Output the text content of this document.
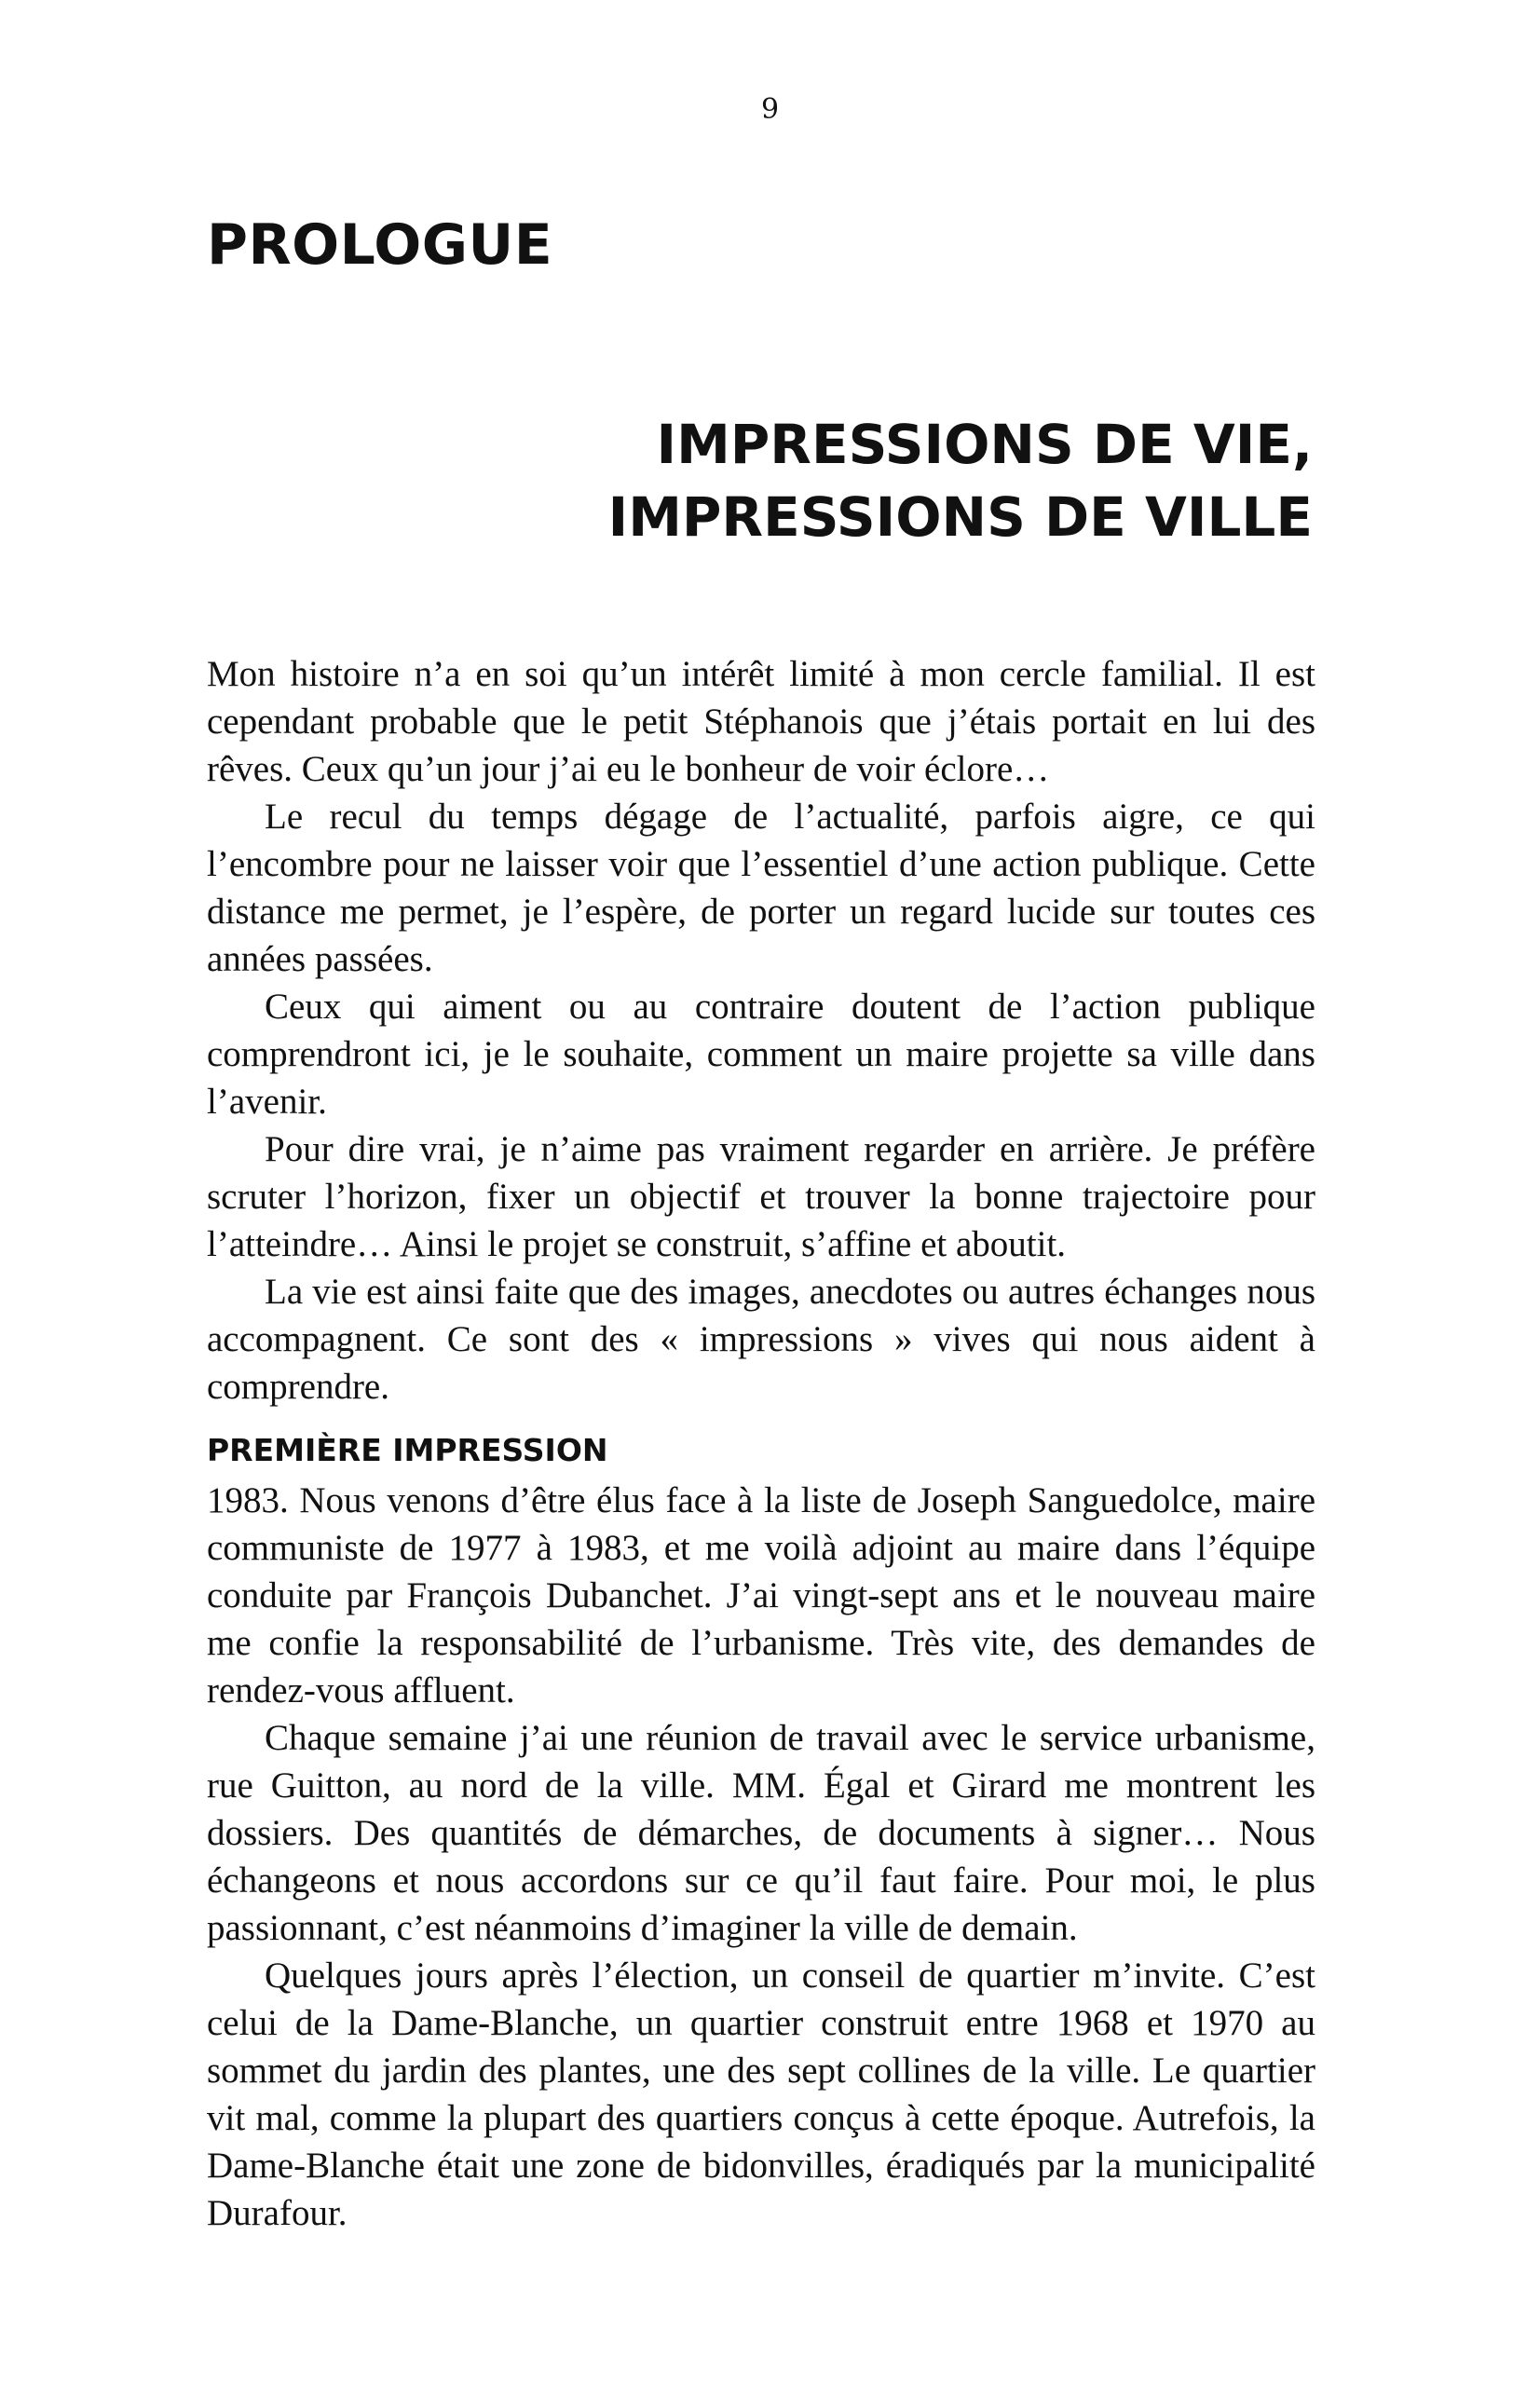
9
PROLOGUE
IMPRESSIONS DE VIE,
IMPRESSIONS DE VILLE

Mon histoire n’a en soi qu’un intérêt limité à mon cercle familial. Il est cependant probable que le petit Stéphanois que j’étais portait en lui des rêves. Ceux qu’un jour j’ai eu le bonheur de voir éclore…

Le recul du temps dégage de l’actualité, parfois aigre, ce qui l’encombre pour ne laisser voir que l’essentiel d’une action publique. Cette distance me permet, je l’espère, de porter un regard lucide sur toutes ces années passées.

Ceux qui aiment ou au contraire doutent de l’action publique comprendront ici, je le souhaite, comment un maire projette sa ville dans l’avenir.

Pour dire vrai, je n’aime pas vraiment regarder en arrière. Je préfère scruter l’horizon, fixer un objectif et trouver la bonne trajectoire pour l’atteindre… Ainsi le projet se construit, s’affine et aboutit.

La vie est ainsi faite que des images, anecdotes ou autres échanges nous accompagnent. Ce sont des « impressions » vives qui nous aident à comprendre.

PREMIÈRE IMPRESSION

1983. Nous venons d’être élus face à la liste de Joseph Sanguedolce, maire communiste de 1977 à 1983, et me voilà adjoint au maire dans l’équipe conduite par François Dubanchet. J’ai vingt-sept ans et le nouveau maire me confie la responsabilité de l’urbanisme. Très vite, des demandes de rendez-vous affluent.

Chaque semaine j’ai une réunion de travail avec le service urbanisme, rue Guitton, au nord de la ville. MM. Égal et Girard me montrent les dossiers. Des quantités de démarches, de documents à signer… Nous échangeons et nous accordons sur ce qu’il faut faire. Pour moi, le plus passionnant, c’est néanmoins d’imaginer la ville de demain.

Quelques jours après l’élection, un conseil de quartier m’invite. C’est celui de la Dame-Blanche, un quartier construit entre 1968 et 1970 au sommet du jardin des plantes, une des sept collines de la ville. Le quartier vit mal, comme la plupart des quartiers conçus à cette époque. Autrefois, la Dame-Blanche était une zone de bidonvilles, éradiqués par la municipalité Durafour.
